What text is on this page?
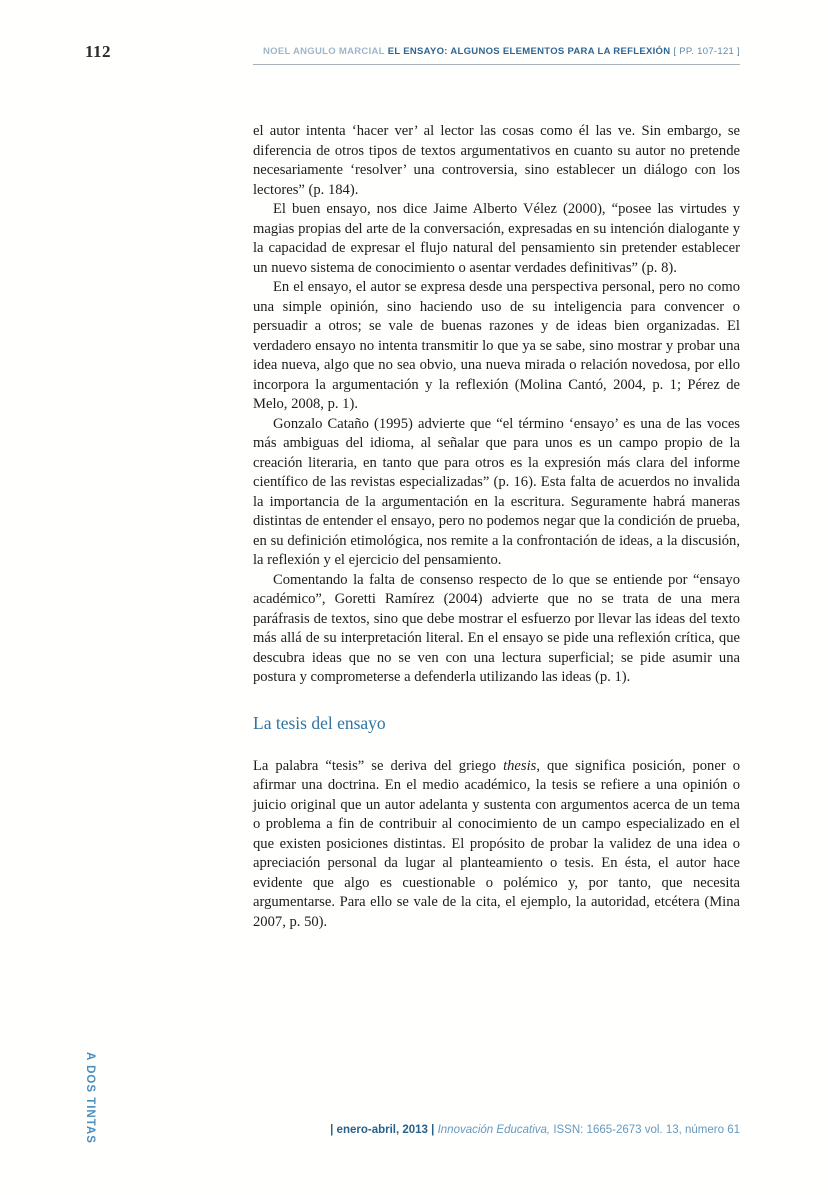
112	NOEL ANGULO MARCIAL EL ENSAYO: ALGUNOS ELEMENTOS PARA LA REFLEXIÓN [ PP. 107-121 ]

el autor intenta ‘hacer ver’ al lector las cosas como él las ve. Sin embargo, se diferencia de otros tipos de textos argumentativos en cuanto su autor no pretende necesariamente ‘resolver’ una controversia, sino establecer un diálogo con los lectores” (p. 184).

El buen ensayo, nos dice Jaime Alberto Vélez (2000), “posee las virtudes y magias propias del arte de la conversación, expresadas en su intención dialogante y la capacidad de expresar el flujo natural del pensamiento sin pretender establecer un nuevo sistema de conocimiento o asentar verdades definitivas” (p. 8).

En el ensayo, el autor se expresa desde una perspectiva personal, pero no como una simple opinión, sino haciendo uso de su inteligencia para convencer o persuadir a otros; se vale de buenas razones y de ideas bien organizadas. El verdadero ensayo no intenta transmitir lo que ya se sabe, sino mostrar y probar una idea nueva, algo que no sea obvio, una nueva mirada o relación novedosa, por ello incorpora la argumentación y la reflexión (Molina Cantó, 2004, p. 1; Pérez de Melo, 2008, p. 1).

Gonzalo Cataño (1995) advierte que “el término ‘ensayo’ es una de las voces más ambiguas del idioma, al señalar que para unos es un campo propio de la creación literaria, en tanto que para otros es la expresión más clara del informe científico de las revistas especializadas” (p. 16). Esta falta de acuerdos no invalida la importancia de la argumentación en la escritura. Seguramente habrá maneras distintas de entender el ensayo, pero no podemos negar que la condición de prueba, en su definición etimológica, nos remite a la confrontación de ideas, a la discusión, la reflexión y el ejercicio del pensamiento.

Comentando la falta de consenso respecto de lo que se entiende por “ensayo académico”, Goretti Ramírez (2004) advierte que no se trata de una mera paráfrasis de textos, sino que debe mostrar el esfuerzo por llevar las ideas del texto más allá de su interpretación literal. En el ensayo se pide una reflexión crítica, que descubra ideas que no se ven con una lectura superficial; se pide asumir una postura y comprometerse a defenderla utilizando las ideas (p. 1).

La tesis del ensayo

La palabra “tesis” se deriva del griego thesis, que significa posición, poner o afirmar una doctrina. En el medio académico, la tesis se refiere a una opinión o juicio original que un autor adelanta y sustenta con argumentos acerca de un tema o problema a fin de contribuir al conocimiento de un campo especializado en el que existen posiciones distintas. El propósito de probar la validez de una idea o apreciación personal da lugar al planteamiento o tesis. En ésta, el autor hace evidente que algo es cuestionable o polémico y, por tanto, que necesita argumentarse. Para ello se vale de la cita, el ejemplo, la autoridad, etcétera (Mina 2007, p. 50).

A DOS TINTAS	| enero-abril, 2013 | Innovación Educativa, ISSN: 1665-2673 vol. 13, número 61
